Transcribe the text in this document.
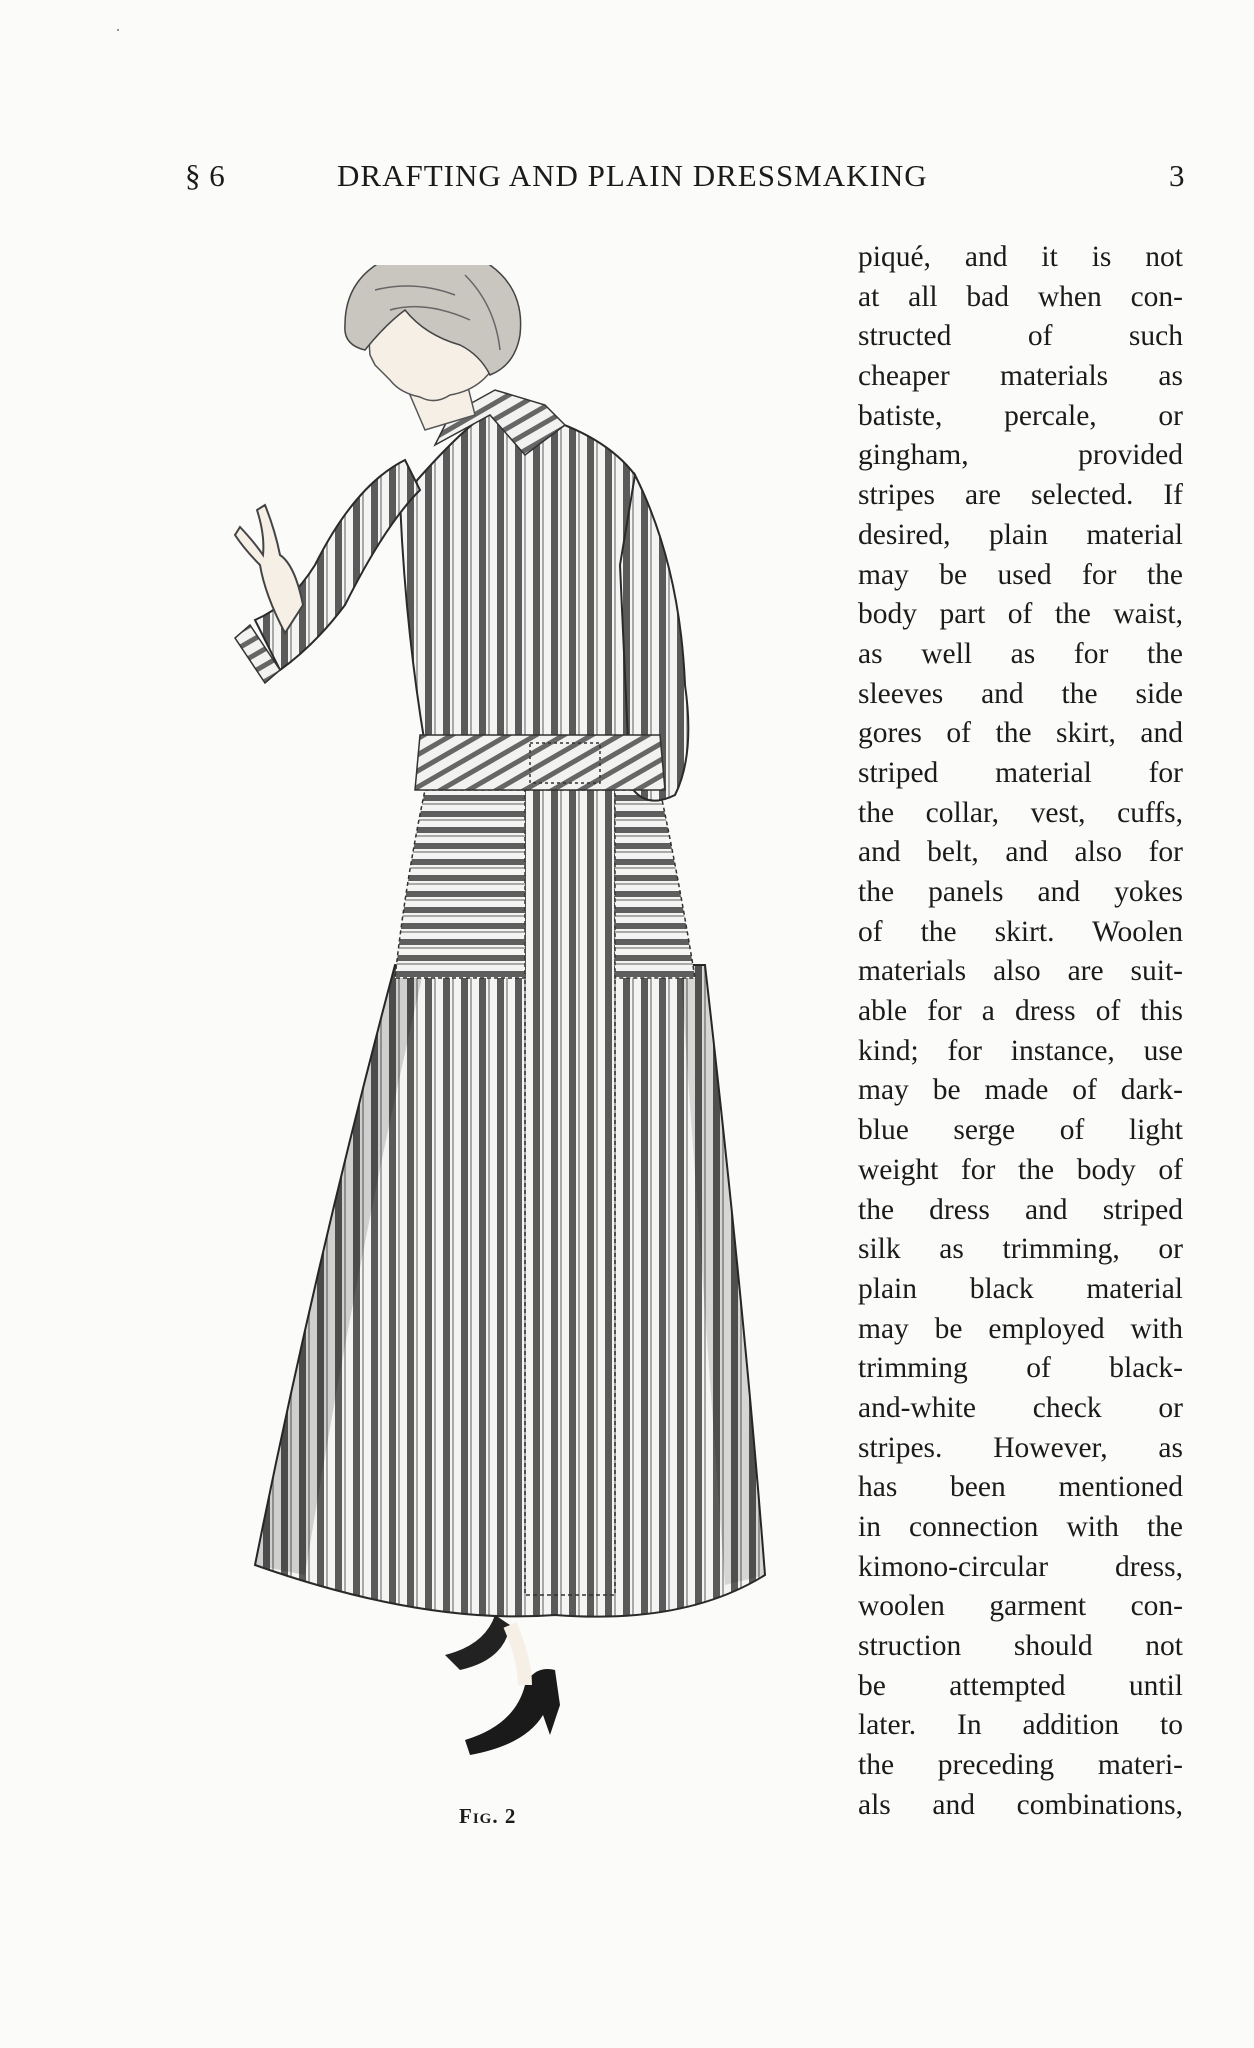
§ 6	DRAFTING AND PLAIN DRESSMAKING	3
Fig. 2
piqué, and it is not
at all bad when con-
structed of such
cheaper materials as
batiste, percale, or
gingham, provided
stripes are selected. If
desired, plain material
may be used for the
body part of the waist,
as well as for the
sleeves and the side
gores of the skirt, and
striped material for
the collar, vest, cuffs,
and belt, and also for
the panels and yokes
of the skirt. Woolen
materials also are suit-
able for a dress of this
kind; for instance, use
may be made of dark-
blue serge of light
weight for the body of
the dress and striped
silk as trimming, or
plain black material
may be employed with
trimming of black-
and-white check or
stripes. However, as
has been mentioned
in connection with the
kimono-circular dress,
woolen garment con-
struction should not
be attempted until
later. In addition to
the preceding materi-
als and combinations,
·
